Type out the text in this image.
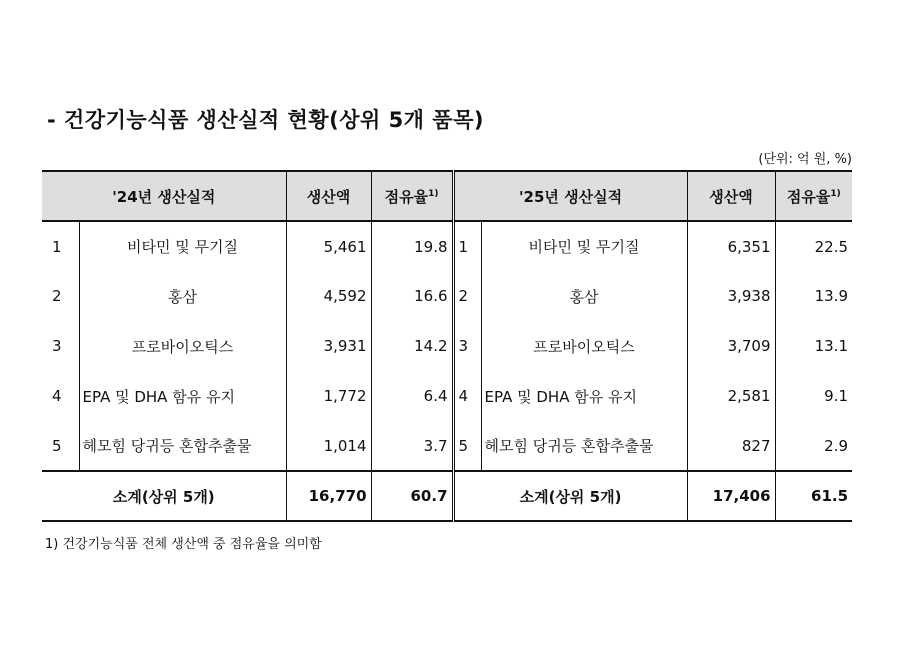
- 건강기능식품 생산실적 현황(상위 5개 품목)
(단위: 억 원, %)
'24년 생산실적		생산액	점유율$^{1)}$	'25년 생산실적		생산액	점유율$^{1)}$
1	비타민 및 무기질	5,461	19.8	1	비타민 및 무기질	6,351	22.5
2	홍삼	4,592	16.6	2	홍삼	3,938	13.9
3	프로바이오틱스	3,931	14.2	3	프로바이오틱스	3,709	13.1
4	EPA 및 DHA 함유 유지	1,772	6.4	4	EPA 및 DHA 함유 유지	2,581	9.1
5	헤모힘 당귀등 혼합추출물	1,014	3.7	5	헤모힘 당귀등 혼합추출물	827	2.9
소계(상위 5개)		16,770	60.7	소계(상위 5개)		17,406	61.5
1) 건강기능식품 전체 생산액 중 점유율을 의미함
